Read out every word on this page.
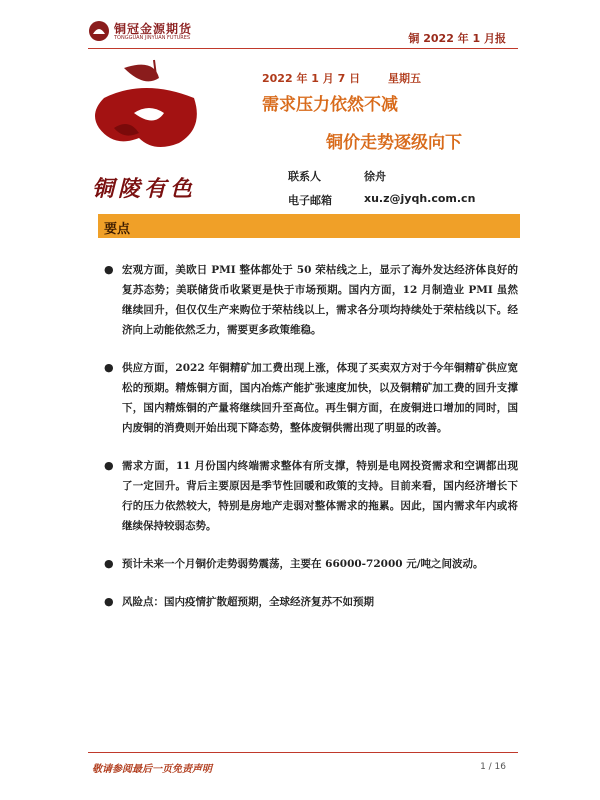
铜冠金源期货
TONGGUAN JINYUAN FUTURES	铜 2022 年 1 月报
铜陵有色
2022 年 1 月 7 日	星期五
需求压力依然不减
铜价走势逐级向下
联系人	徐舟
电子邮箱	xu.z@jyqh.com.cn
要点
● 宏观方面，美欧日 PMI 整体都处于 50 荣枯线之上，显示了海外发达经济体良好的复苏态势；美联储货币收紧更是快于市场预期。国内方面，12 月制造业 PMI 虽然继续回升，但仅仅生产来购位于荣枯线以上，需求各分项均持续处于荣枯线以下。经济向上动能依然乏力，需要更多政策维稳。
● 供应方面，2022 年铜精矿加工费出现上涨，体现了买卖双方对于今年铜精矿供应宽松的预期。精炼铜方面，国内冶炼产能扩张速度加快，以及铜精矿加工费的回升支撑下，国内精炼铜的产量将继续回升至高位。再生铜方面，在废铜进口增加的同时，国内废铜的消费则开始出现下降态势，整体废铜供需出现了明显的改善。
● 需求方面，11 月份国内终端需求整体有所支撑，特别是电网投资需求和空调都出现了一定回升。背后主要原因是季节性回暖和政策的支持。目前来看，国内经济增长下行的压力依然较大，特别是房地产走弱对整体需求的拖累。因此，国内需求年内或将继续保持较弱态势。
● 预计未来一个月铜价走势弱势震荡，主要在 66000-72000 元/吨之间波动。
● 风险点：国内疫情扩散超预期，全球经济复苏不如预期
敬请参阅最后一页免责声明	1 / 16
